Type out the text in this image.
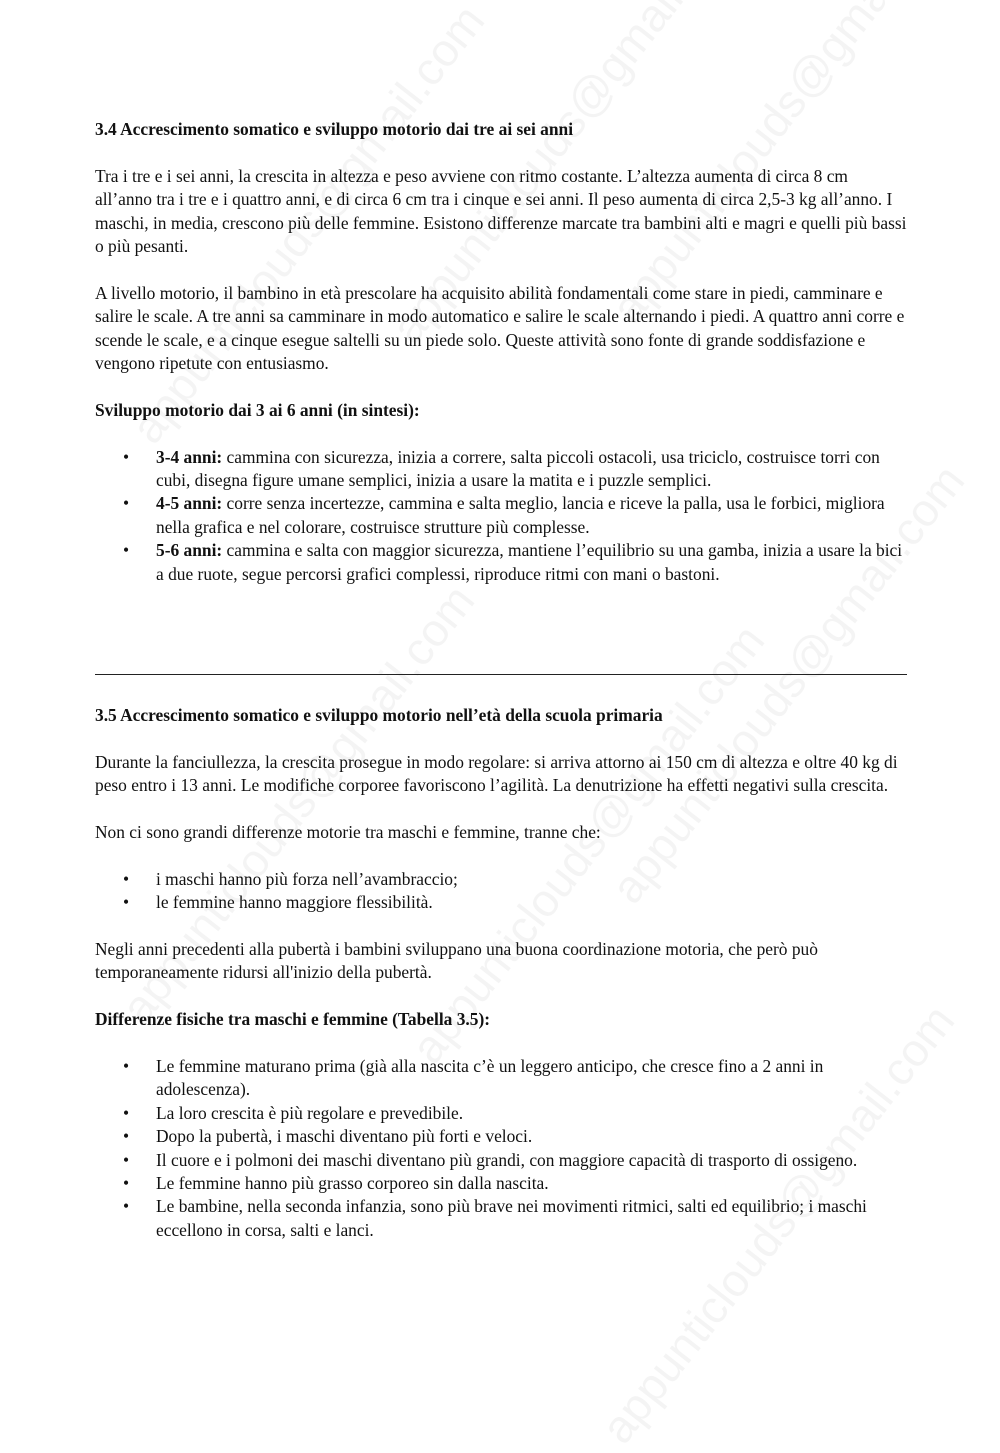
3.4 Accrescimento somatico e sviluppo motorio dai tre ai sei anni

Tra i tre e i sei anni, la crescita in altezza e peso avviene con ritmo costante. L’altezza aumenta di circa 8 cm all’anno tra i tre e i quattro anni, e di circa 6 cm tra i cinque e sei anni. Il peso aumenta di circa 2,5-3 kg all’anno. I maschi, in media, crescono più delle femmine. Esistono differenze marcate tra bambini alti e magri e quelli più bassi o più pesanti.

A livello motorio, il bambino in età prescolare ha acquisito abilità fondamentali come stare in piedi, camminare e salire le scale. A tre anni sa camminare in modo automatico e salire le scale alternando i piedi. A quattro anni corre e scende le scale, e a cinque esegue saltelli su un piede solo. Queste attività sono fonte di grande soddisfazione e vengono ripetute con entusiasmo.

Sviluppo motorio dai 3 ai 6 anni (in sintesi):

• 3-4 anni: cammina con sicurezza, inizia a correre, salta piccoli ostacoli, usa triciclo, costruisce torri con cubi, disegna figure umane semplici, inizia a usare la matita e i puzzle semplici.
• 4-5 anni: corre senza incertezze, cammina e salta meglio, lancia e riceve la palla, usa le forbici, migliora nella grafica e nel colorare, costruisce strutture più complesse.
• 5-6 anni: cammina e salta con maggior sicurezza, mantiene l’equilibrio su una gamba, inizia a usare la bici a due ruote, segue percorsi grafici complessi, riproduce ritmi con mani o bastoni.
3.5 Accrescimento somatico e sviluppo motorio nell’età della scuola primaria

Durante la fanciullezza, la crescita prosegue in modo regolare: si arriva attorno ai 150 cm di altezza e oltre 40 kg di peso entro i 13 anni. Le modifiche corporee favoriscono l’agilità. La denutrizione ha effetti negativi sulla crescita.

Non ci sono grandi differenze motorie tra maschi e femmine, tranne che:

• i maschi hanno più forza nell’avambraccio;
• le femmine hanno maggiore flessibilità.

Negli anni precedenti alla pubertà i bambini sviluppano una buona coordinazione motoria, che però può temporaneamente ridursi all'inizio della pubertà.

Differenze fisiche tra maschi e femmine (Tabella 3.5):

• Le femmine maturano prima (già alla nascita c’è un leggero anticipo, che cresce fino a 2 anni in adolescenza).
• La loro crescita è più regolare e prevedibile.
• Dopo la pubertà, i maschi diventano più forti e veloci.
• Il cuore e i polmoni dei maschi diventano più grandi, con maggiore capacità di trasporto di ossigeno.
• Le femmine hanno più grasso corporeo sin dalla nascita.
• Le bambine, nella seconda infanzia, sono più brave nei movimenti ritmici, salti ed equilibrio; i maschi eccellono in corsa, salti e lanci.
